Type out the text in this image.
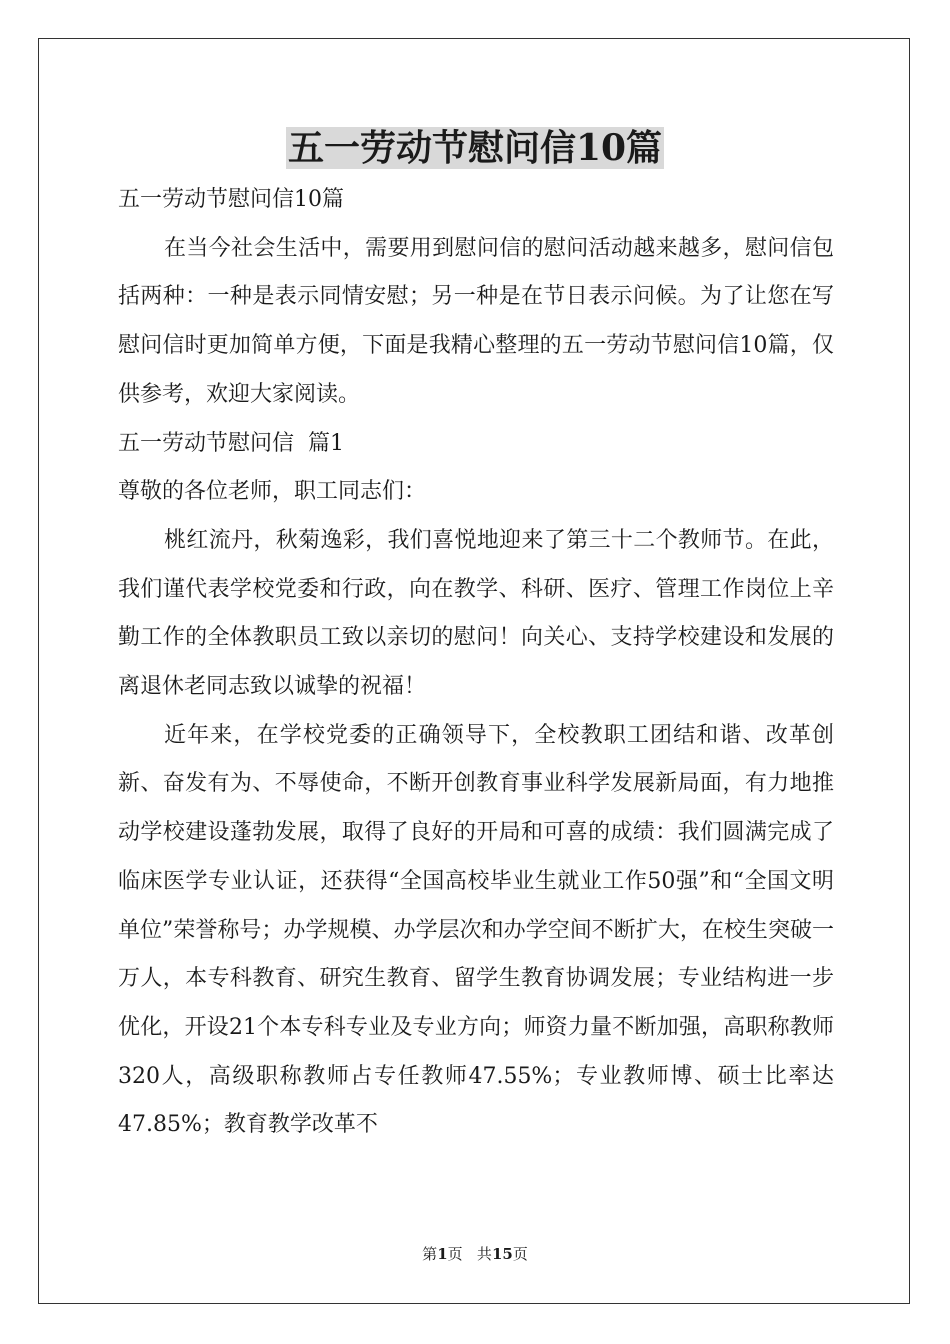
五一劳动节慰问信10篇

五一劳动节慰问信10篇

在当今社会生活中，需要用到慰问信的慰问活动越来越多，慰问信包括两种：一种是表示同情安慰；另一种是在节日表示问候。为了让您在写慰问信时更加简单方便，下面是我精心整理的五一劳动节慰问信10篇，仅供参考，欢迎大家阅读。

五一劳动节慰问信  篇1

尊敬的各位老师，职工同志们：

桃红流丹，秋菊逸彩，我们喜悦地迎来了第三十二个教师节。在此，我们谨代表学校党委和行政，向在教学、科研、医疗、管理工作岗位上辛勤工作的全体教职员工致以亲切的慰问！向关心、支持学校建设和发展的离退休老同志致以诚挚的祝福！

近年来，在学校党委的正确领导下，全校教职工团结和谐、改革创新、奋发有为、不辱使命，不断开创教育事业科学发展新局面，有力地推动学校建设蓬勃发展，取得了良好的开局和可喜的成绩：我们圆满完成了临床医学专业认证，还获得“全国高校毕业生就业工作50强”和“全国文明单位”荣誉称号；办学规模、办学层次和办学空间不断扩大，在校生突破一万人，本专科教育、研究生教育、留学生教育协调发展；专业结构进一步优化，开设21个本专科专业及专业方向；师资力量不断加强，高职称教师320人，高级职称教师占专任教师47.55%；专业教师博、硕士比率达47.85%；教育教学改革不

第1页   共15页
